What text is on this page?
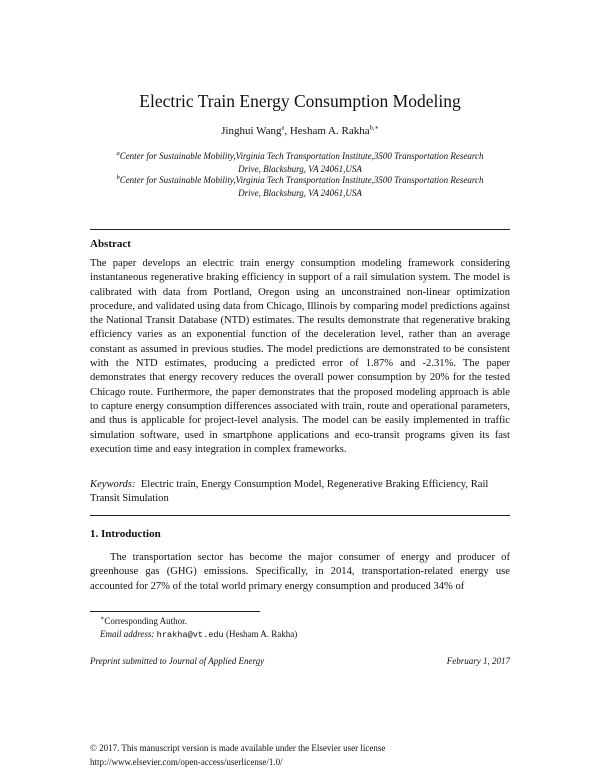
Electric Train Energy Consumption Modeling
Jinghui Wang$^a$, Hesham A. Rakha$^{b,∗}$
$^a$Center for Sustainable Mobility,Virginia Tech Transportation Institute,3500 Transportation Research
Drive, Blacksburg, VA 24061,USA
$^b$Center for Sustainable Mobility,Virginia Tech Transportation Institute,3500 Transportation Research
Drive, Blacksburg, VA 24061,USA
Abstract
The paper develops an electric train energy consumption modeling framework considering instantaneous regenerative braking efficiency in support of a rail simulation system. The model is calibrated with data from Portland, Oregon using an unconstrained non-linear optimization procedure, and validated using data from Chicago, Illinois by comparing model predictions against the National Transit Database (NTD) estimates. The results demonstrate that regenerative braking efficiency varies as an exponential function of the deceleration level, rather than an average constant as assumed in previous studies. The model predictions are demonstrated to be consistent with the NTD estimates, producing a predicted error of 1.87% and -2.31%. The paper demonstrates that energy recovery reduces the overall power consumption by 20% for the tested Chicago route. Furthermore, the paper demonstrates that the proposed modeling approach is able to capture energy consumption differences associated with train, route and operational parameters, and thus is applicable for project-level analysis. The model can be easily implemented in traffic simulation software, used in smartphone applications and eco-transit programs given its fast execution time and easy integration in complex frameworks.
Keywords: Electric train, Energy Consumption Model, Regenerative Braking Efficiency, Rail Transit Simulation
1. Introduction
The transportation sector has become the major consumer of energy and producer of greenhouse gas (GHG) emissions. Specifically, in 2014, transportation-related energy use accounted for 27% of the total world primary energy consumption and produced 34% of
∗Corresponding Author.
Email address: hrakha@vt.edu (Hesham A. Rakha)
Preprint submitted to Journal of Applied Energy	February 1, 2017
© 2017. This manuscript version is made available under the Elsevier user license
http://www.elsevier.com/open-access/userlicense/1.0/
